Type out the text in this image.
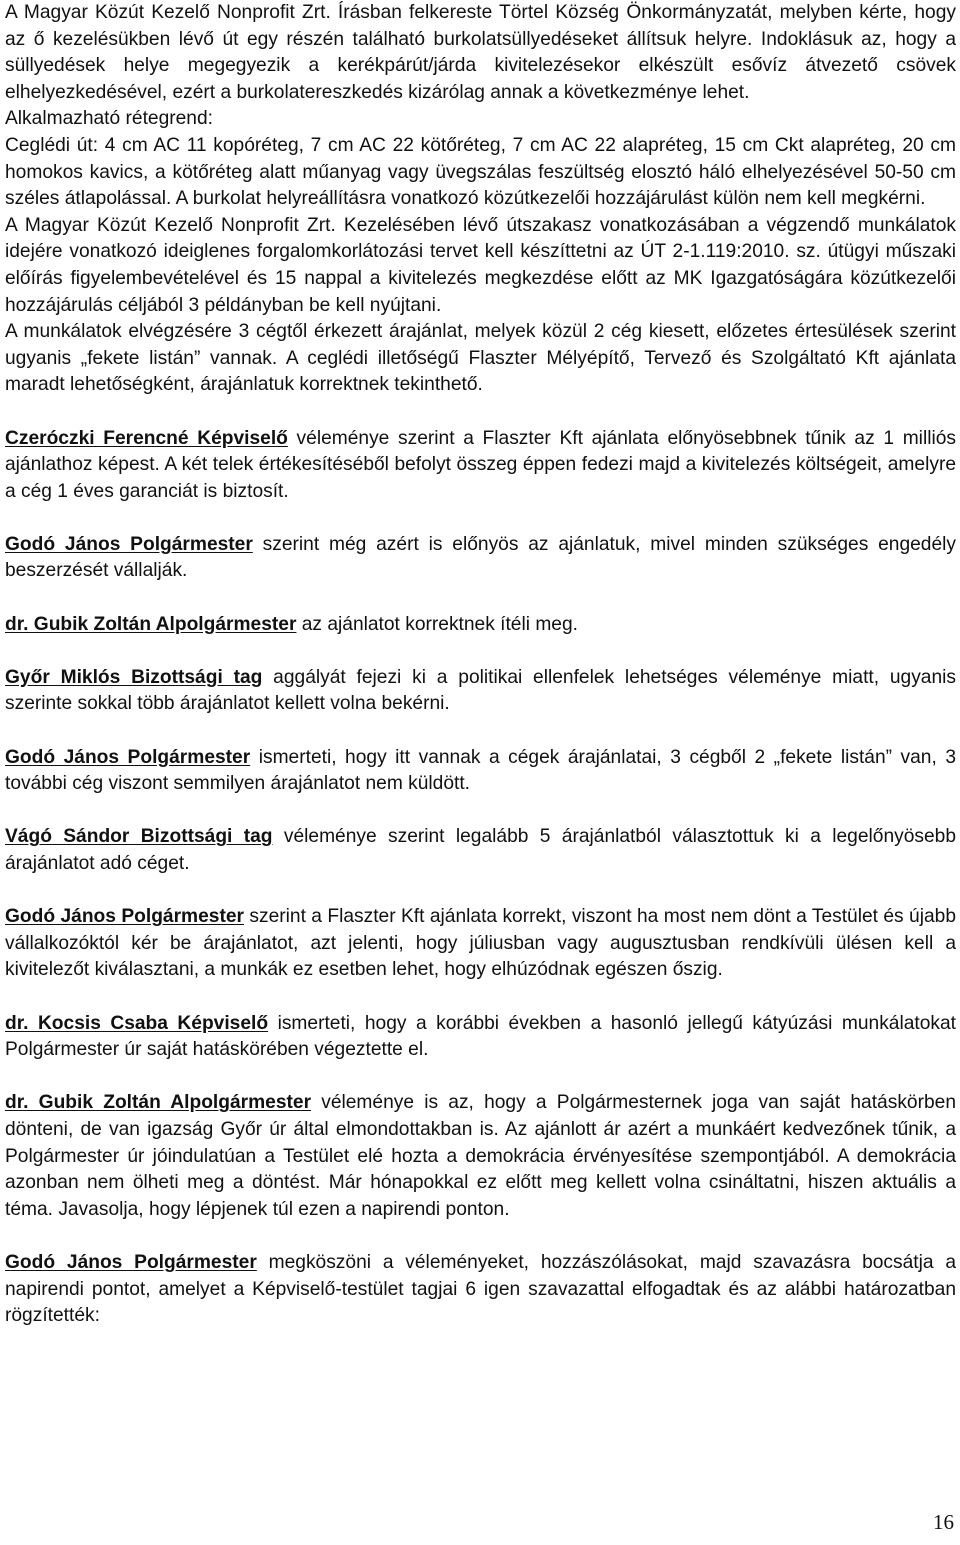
A Magyar Közút Kezelő Nonprofit Zrt. Írásban felkereste Törtel Község Önkormányzatát, melyben kérte, hogy az ő kezelésükben lévő út egy részén található burkolatsüllyedéseket állítsuk helyre. Indoklásuk az, hogy a süllyedések helye megegyezik a kerékpárút/járda kivitelezésekor elkészült esővíz átvezető csövek elhelyezkedésével, ezért a burkolatereszkedés kizárólag annak a következménye lehet.

Alkalmazható rétegrend:

Ceglédi út: 4 cm AC 11 kopóréteg, 7 cm AC 22 kötőréteg, 7 cm AC 22 alapréteg, 15 cm Ckt alapréteg, 20 cm homokos kavics, a kötőréteg alatt műanyag vagy üvegszálas feszültség elosztó háló elhelyezésével 50-50 cm széles átlapolással. A burkolat helyreállításra vonatkozó közútkezelői hozzájárulást külön nem kell megkérni.

A Magyar Közút Kezelő Nonprofit Zrt. Kezelésében lévő útszakasz vonatkozásában a végzendő munkálatok idejére vonatkozó ideiglenes forgalomkorlátozási tervet kell készíttetni az ÚT 2-1.119:2010. sz. útügyi műszaki előírás figyelembevételével és 15 nappal a kivitelezés megkezdése előtt az MK Igazgatóságára közútkezelői hozzájárulás céljából 3 példányban be kell nyújtani.

A munkálatok elvégzésére 3 cégtől érkezett árajánlat, melyek közül 2 cég kiesett, előzetes értesülések szerint ugyanis „fekete listán” vannak. A ceglédi illetőségű Flaszter Mélyépítő, Tervező és Szolgáltató Kft ajánlata maradt lehetőségként, árajánlatuk korrektnek tekinthető.

Czeróczki Ferencné Képviselő véleménye szerint a Flaszter Kft ajánlata előnyösebbnek tűnik az 1 milliós ajánlathoz képest. A két telek értékesítéséből befolyt összeg éppen fedezi majd a kivitelezés költségeit, amelyre a cég 1 éves garanciát is biztosít.

Godó János Polgármester szerint még azért is előnyös az ajánlatuk, mivel minden szükséges engedély beszerzését vállalják.

dr. Gubik Zoltán Alpolgármester az ajánlatot korrektnek ítéli meg.

Győr Miklós Bizottsági tag aggályát fejezi ki a politikai ellenfelek lehetséges véleménye miatt, ugyanis szerinte sokkal több árajánlatot kellett volna bekérni.

Godó János Polgármester ismerteti, hogy itt vannak a cégek árajánlatai, 3 cégből 2 „fekete listán” van, 3 további cég viszont semmilyen árajánlatot nem küldött.

Vágó Sándor Bizottsági tag véleménye szerint legalább 5 árajánlatból választottuk ki a legelőnyösebb árajánlatot adó céget.

Godó János Polgármester szerint a Flaszter Kft ajánlata korrekt, viszont ha most nem dönt a Testület és újabb vállalkozóktól kér be árajánlatot, azt jelenti, hogy júliusban vagy augusztusban rendkívüli ülésen kell a kivitelezőt kiválasztani, a munkák ez esetben lehet, hogy elhúzódnak egészen őszig.

dr. Kocsis Csaba Képviselő ismerteti, hogy a korábbi években a hasonló jellegű kátyúzási munkálatokat Polgármester úr saját hatáskörében végeztette el.

dr. Gubik Zoltán Alpolgármester véleménye is az, hogy a Polgármesternek joga van saját hatáskörben dönteni, de van igazság Győr úr által elmondottakban is. Az ajánlott ár azért a munkáért kedvezőnek tűnik, a Polgármester úr jóindulatúan a Testület elé hozta a demokrácia érvényesítése szempontjából. A demokrácia azonban nem ölheti meg a döntést. Már hónapokkal ez előtt meg kellett volna csináltatni, hiszen aktuális a téma. Javasolja, hogy lépjenek túl ezen a napirendi ponton.

Godó János Polgármester megköszöni a véleményeket, hozzászólásokat, majd szavazásra bocsátja a napirendi pontot, amelyet a Képviselő-testület tagjai 6 igen szavazattal elfogadtak és az alábbi határozatban rögzítették:

16
